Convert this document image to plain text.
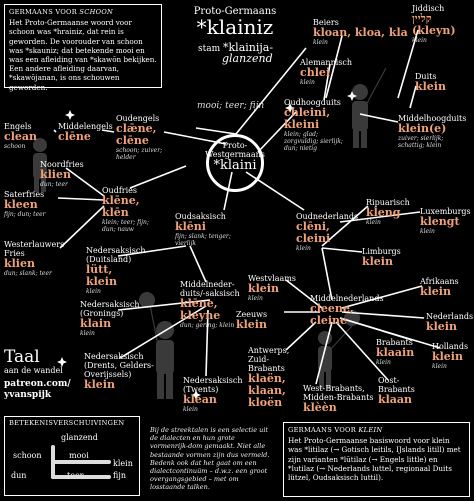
GERMAANS VOOR SCHOON
Het Proto-Germaanse woord voor schoon was *hrainiz, dat rein is geworden. De voorouder van schoon was *skauniz; dat betekende mooi en was een afleiding van *skawōn bekijken. Een andere afleiding daarvan, *skawōjanan, is ons schouwen geworden.
Proto-Germaans
*klainiz
stam *klainija-
glanzend
mooi; teer; fijn
Proto-
Westgermaans
*klaini
Beiers
kloan, kloa, kla
klein
Jiddisch
קליין
(kleyn)
klein
Alemannisch
chlei
klein
Duits
klein
Engels
clean
schoon
Middelengels
clēne
Oudengels
clǣne,
clēne
schoon; zuiver; helder
Oudhoogduits
chleini,
kleini
klein; glad; zorgvuldig; sierlijk; dun; nietig
Middelhoogduits
klein(e)
zuiver; sierlijk; schattig; klein
Noordfries
klien
dun; teer
Oudfries
klēne,
klēn
klein; teer; fijn; dun; nauw
Saterfries
kleen
fijn; dun; teer
Westerlauwers
Fries
klien
dun; slank; teer
Oudsaksisch
klēni
fijn; slank; tenger; vierlijk
Oudnederlands
clēni,
cleini
klein
Ripuarisch
kleng
klein
Luxemburgs
klengt
klein
Nedersaksisch
(Duitsland)
lütt,
klein
klein
Limburgs
klein
Middelneder-
duits/-saksisch
klēne,
kleyne
dun; gering; klein
Westvlaams
klein
klein
Afrikaans
klein
Nedersaksisch
(Gronings)
klain
klein
Middelnederlands
cleene,
cleine
Zeeuws
klein
Nederlands
klein
Brabants
klaain
klein
Hollands
klein
klein
Nedersaksisch
(Drents, Gelders-
Overijssels)
klein
Antwerps,
Zuid-
Brabants
klaën,
klaan,
kloën
Nedersaksisch
(Twents)
klean
klein
West-Brabants,
Midden-Brabants
klèèn
Oost-
Brabants
klaan
Taal
aan de wandel
patreon.com/
yvanspijk
BETEKENISVERSCHUIVINGEN
glanzend
schoon	mooi
klein
dun	teer	fijn
Bij de streektalen is een selectie uit de dialecten en hun grote vormenrijk-dom gemaakt. Niet alle bestaande vormen zijn dus vermeld. Bedenk ook dat het gaat om een dialectcontinuüm – d.w.z. een groot overgangsgebied – met om losstaande talken.
GERMAANS VOOR KLEIN
Het Proto-Germaanse basiswoord voor klein was *litilaz (→ Gotisch leitils, IJslands litill) met zijn varianten *lūtilaz (→ Engels little) en *lutilaz (→ Nederlands luttel, regionaal Duits lützel, Oudsaksisch luttil).
